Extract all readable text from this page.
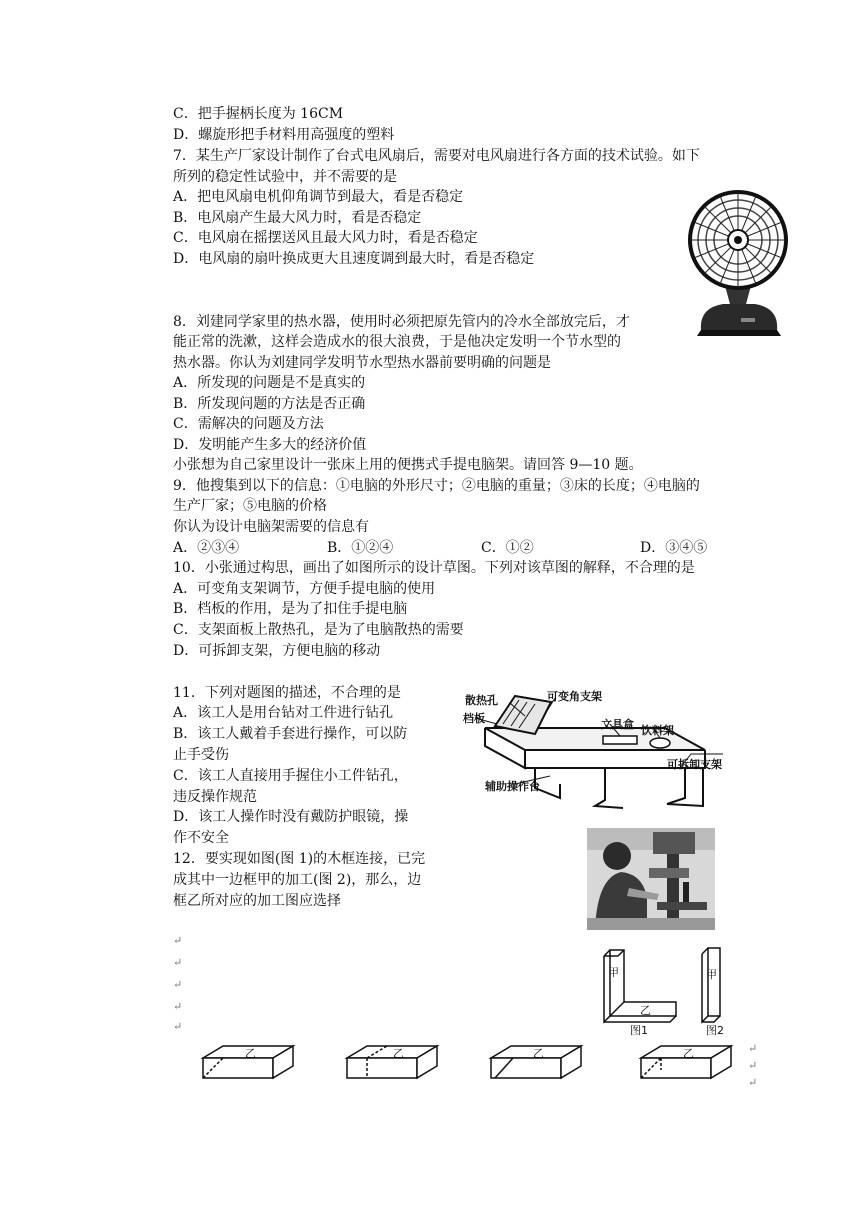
C．把手握柄长度为 16CM
D．螺旋形把手材料用高强度的塑料
7．某生产厂家设计制作了台式电风扇后，需要对电风扇进行各方面的技术试验。如下
所列的稳定性试验中，并不需要的是
A．把电风扇电机仰角调节到最大，看是否稳定
B．电风扇产生最大风力时，看是否稳定
C．电风扇在摇摆送风且最大风力时，看是否稳定
D．电风扇的扇叶换成更大且速度调到最大时，看是否稳定
8．刘建同学家里的热水器，使用时必须把原先管内的冷水全部放完后，才
能正常的洗漱，这样会造成水的很大浪费，于是他决定发明一个节水型的
热水器。你认为刘建同学发明节水型热水器前要明确的问题是
A．所发现的问题是不是真实的
B．所发现问题的方法是否正确
C．需解决的问题及方法
D．发明能产生多大的经济价值
小张想为自己家里设计一张床上用的便携式手提电脑架。请回答 9—10 题。
9．他搜集到以下的信息：①电脑的外形尺寸；②电脑的重量；③床的长度；④电脑的
生产厂家；⑤电脑的价格
你认为设计电脑架需要的信息有
A．②③④	B．①②④	C．①②	D．③④⑤
10．小张通过构思，画出了如图所示的设计草图。下列对该草图的解释，不合理的是
A．可变角支架调节，方便手提电脑的使用
B．档板的作用，是为了扣住手提电脑
C．支架面板上散热孔，是为了电脑散热的需要
D．可拆卸支架，方便电脑的移动
11．下列对题图的描述，不合理的是
A．该工人是用台钻对工件进行钻孔
B．该工人戴着手套进行操作，可以防
止手受伤
C．该工人直接用手握住小工件钻孔，
违反操作规范
D．该工人操作时没有戴防护眼镜，操
作不安全
12．要实现如图(图 1)的木框连接，已完
成其中一边框甲的加工(图 2)，那么，边
框乙所对应的加工图应选择
↵
↵
↵
↵
↵
↵
↵
↵
散热孔	可变角支架
档板	文具盒 饮料架
可拆卸支架
辅助操作台
甲
乙
甲
图1	图2
乙	乙	乙	乙
